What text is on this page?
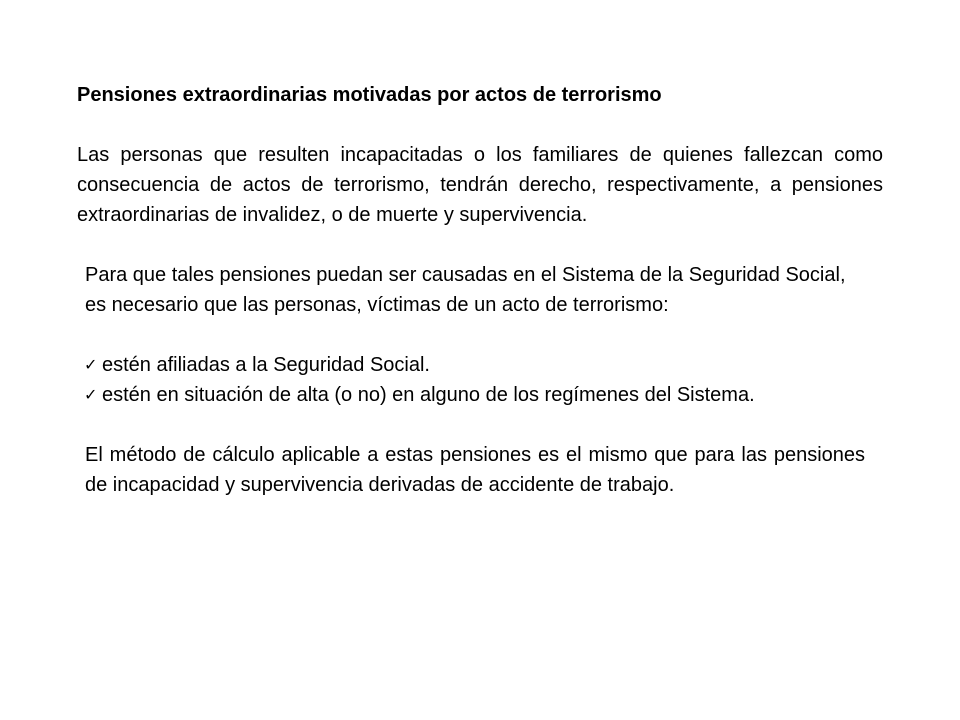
Pensiones extraordinarias motivadas por actos de terrorismo

Las personas que resulten incapacitadas o los familiares de quienes fallezcan como consecuencia de actos de terrorismo, tendrán derecho, respectivamente, a pensiones extraordinarias de invalidez, o de muerte y supervivencia.

Para que tales pensiones puedan ser causadas en el Sistema de la Seguridad Social, es necesario que las personas, víctimas de un acto de terrorismo:

✓ estén afiliadas a la Seguridad Social.
✓ estén en situación de alta (o no) en alguno de los regímenes del Sistema.

El método de cálculo aplicable a estas pensiones es el mismo que para las pensiones de incapacidad y supervivencia derivadas de accidente de trabajo.
